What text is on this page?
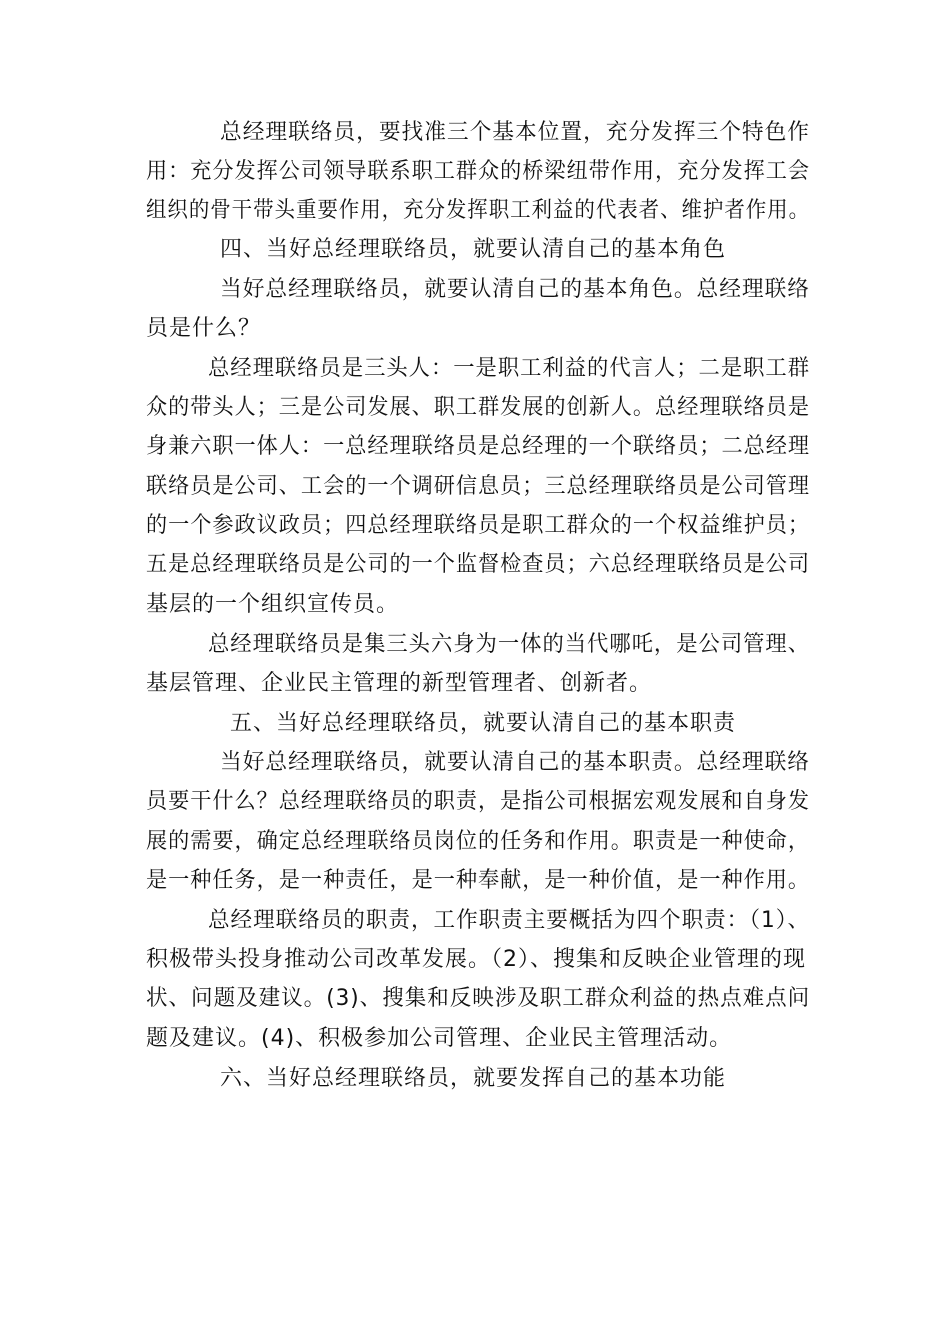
总经理联络员，要找准三个基本位置，充分发挥三个特色作
用：充分发挥公司领导联系职工群众的桥梁纽带作用，充分发挥工会
组织的骨干带头重要作用，充分发挥职工利益的代表者、维护者作用。
四、当好总经理联络员，就要认清自己的基本角色
当好总经理联络员，就要认清自己的基本角色。总经理联络
员是什么？
总经理联络员是三头人：一是职工利益的代言人；二是职工群
众的带头人；三是公司发展、职工群发展的创新人。总经理联络员是
身兼六职一体人：一总经理联络员是总经理的一个联络员；二总经理
联络员是公司、工会的一个调研信息员；三总经理联络员是公司管理
的一个参政议政员；四总经理联络员是职工群众的一个权益维护员；
五是总经理联络员是公司的一个监督检查员；六总经理联络员是公司
基层的一个组织宣传员。
总经理联络员是集三头六身为一体的当代哪吒，是公司管理、
基层管理、企业民主管理的新型管理者、创新者。
五、当好总经理联络员，就要认清自己的基本职责
当好总经理联络员，就要认清自己的基本职责。总经理联络
员要干什么？总经理联络员的职责，是指公司根据宏观发展和自身发
展的需要，确定总经理联络员岗位的任务和作用。职责是一种使命，
是一种任务，是一种责任，是一种奉献，是一种价值，是一种作用。
总经理联络员的职责，工作职责主要概括为四个职责：（1）、
积极带头投身推动公司改革发展。（2）、搜集和反映企业管理的现
状、问题及建议。(3)、搜集和反映涉及职工群众利益的热点难点问
题及建议。(4)、积极参加公司管理、企业民主管理活动。
六、当好总经理联络员，就要发挥自己的基本功能
